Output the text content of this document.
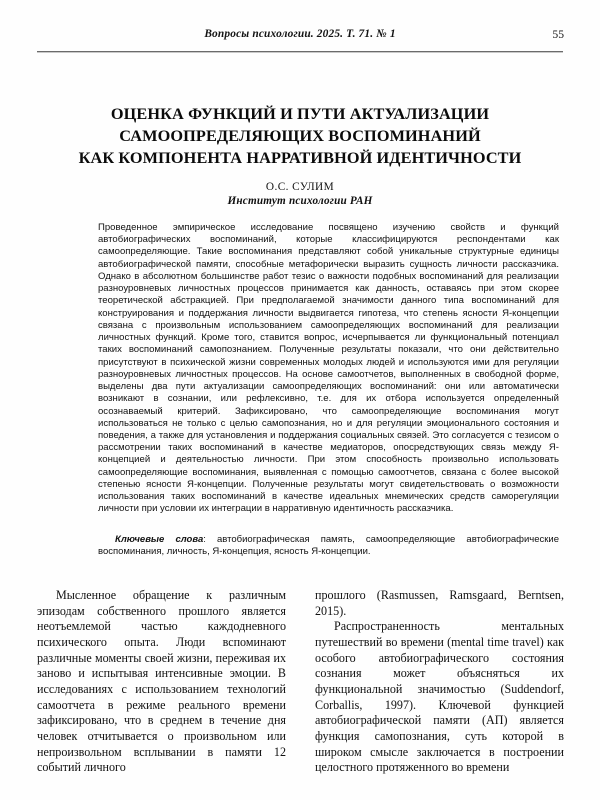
Вопросы психологии. 2025. Т. 71. № 1	55
ОЦЕНКА ФУНКЦИЙ И ПУТИ АКТУАЛИЗАЦИИ
САМООПРЕДЕЛЯЮЩИХ ВОСПОМИНАНИЙ
КАК КОМПОНЕНТА НАРРАТИВНОЙ ИДЕНТИЧНОСТИ
О.С. СУЛИМ
Институт психологии РАН
Проведенное эмпирическое исследование посвящено изучению свойств и функций автобиографических воспоминаний, которые классифицируются респондентами как самоопределяющие. Такие воспоминания представляют собой уникальные структурные единицы автобиографической памяти, способные метафорически выразить сущность личности рассказчика. Однако в абсолютном большинстве работ тезис о важности подобных воспоминаний для реализации разноуровневых личностных процессов принимается как данность, оставаясь при этом скорее теоретической абстракцией. При предполагаемой значимости данного типа воспоминаний для конструирования и поддержания личности выдвигается гипотеза, что степень ясности Я-концепции связана с произвольным использованием самоопределяющих воспоминаний для реализации личностных функций. Кроме того, ставится вопрос, исчерпывается ли функциональный потенциал таких воспоминаний самопознанием. Полученные результаты показали, что они действительно присутствуют в психической жизни современных молодых людей и используются ими для регуляции разноуровневых личностных процессов. На основе самоотчетов, выполненных в свободной форме, выделены два пути актуализации самоопределяющих воспоминаний: они или автоматически возникают в сознании, или рефлексивно, т.е. для их отбора используется определенный осознаваемый критерий. Зафиксировано, что самоопределяющие воспоминания могут использоваться не только с целью самопознания, но и для регуляции эмоционального состояния и поведения, а также для установления и поддержания социальных связей. Это согласуется с тезисом о рассмотрении таких воспоминаний в качестве медиаторов, опосредствующих связь между Я-концепцией и деятельностью личности. При этом способность произвольно использовать самоопределяющие воспоминания, выявленная с помощью самоотчетов, связана с более высокой степенью ясности Я-концепции. Полученные результаты могут свидетельствовать о возможности использования таких воспоминаний в качестве идеальных мнемических средств саморегуляции личности при условии их интеграции в нарративную идентичность рассказчика.
Ключевые слова: автобиографическая память, самоопределяющие автобиографические воспоминания, личность, Я-концепция, ясность Я-концепции.

Мысленное обращение к различным эпизодам собственного прошлого является неотъемлемой частью каждодневного психического опыта. Люди вспоминают различные моменты своей жизни, переживая их заново и испытывая интенсивные эмоции. В исследованиях с использованием технологий самоотчета в режиме реального времени зафиксировано, что в среднем в течение дня человек отчитывается о произвольном или непроизвольном всплывании в памяти 12 событий личного

прошлого (Rasmussen, Ramsgaard, Berntsen, 2015).

Распространенность ментальных путешествий во времени (mental time travel) как особого автобиографического состояния сознания может объясняться их функциональной значимостью (Suddendorf, Corballis, 1997). Ключевой функцией автобиографической памяти (АП) является функция самопознания, суть которой в широком смысле заключается в построении целостного протяженного во времени
